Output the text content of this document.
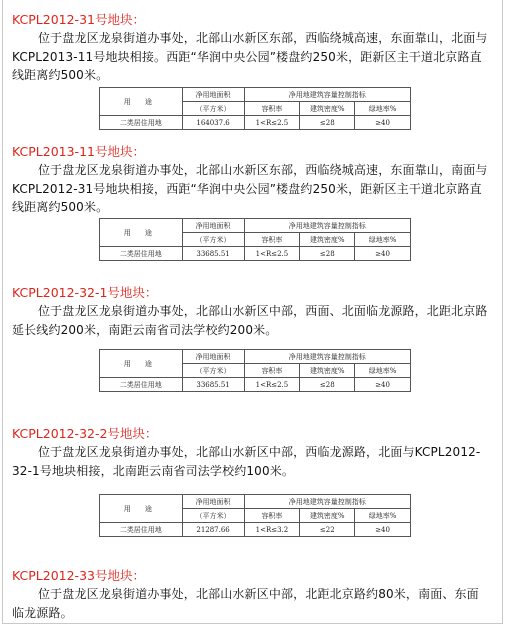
KCPL2012-31号地块：
位于盘龙区龙泉街道办事处，北部山水新区东部，西临绕城高速，东面靠山，北面与KCPL2013-11号地块相接。西距“华润中央公园”楼盘约250米，距新区主干道北京路直线距离约500米。
用 途	净用地面积	净用地建筑容量控制指标		
	（平方米）	容积率	建筑密度%	绿地率%
二类居住用地	164037.6	1<R≤2.5	≤28	≥40
KCPL2013-11号地块：
位于盘龙区龙泉街道办事处，北部山水新区东部，西临绕城高速，东面靠山，南面与KCPL2012-31号地块相接，西距“华润中央公园”楼盘约250米，距新区主干道北京路直线距离约500米。
用 途	净用地面积	净用地建筑容量控制指标		
	（平方米）	容积率	建筑密度%	绿地率%
二类居住用地	33685.51	1<R≤2.5	≤28	≥40
KCPL2012-32-1号地块：
位于盘龙区龙泉街道办事处，北部山水新区中部，西面、北面临龙源路，北距北京路延长线约200米，南距云南省司法学校约200米。
用 途	净用地面积	净用地建筑容量控制指标		
	（平方米）	容积率	建筑密度%	绿地率%
二类居住用地	33685.51	1<R≤2.5	≤28	≥40
KCPL2012-32-2号地块：
位于盘龙区龙泉街道办事处，北部山水新区中部，西临龙源路，北面与KCPL2012-32-1号地块相接，北南距云南省司法学校约100米。
用 途	净用地面积	净用地建筑容量控制指标		
	（平方米）	容积率	建筑密度%	绿地率%
二类居住用地	21287.66	1<R≤3.2	≤22	≥40
KCPL2012-33号地块：
位于盘龙区龙泉街道办事处，北部山水新区中部，北距北京路约80米，南面、东面临龙源路。
